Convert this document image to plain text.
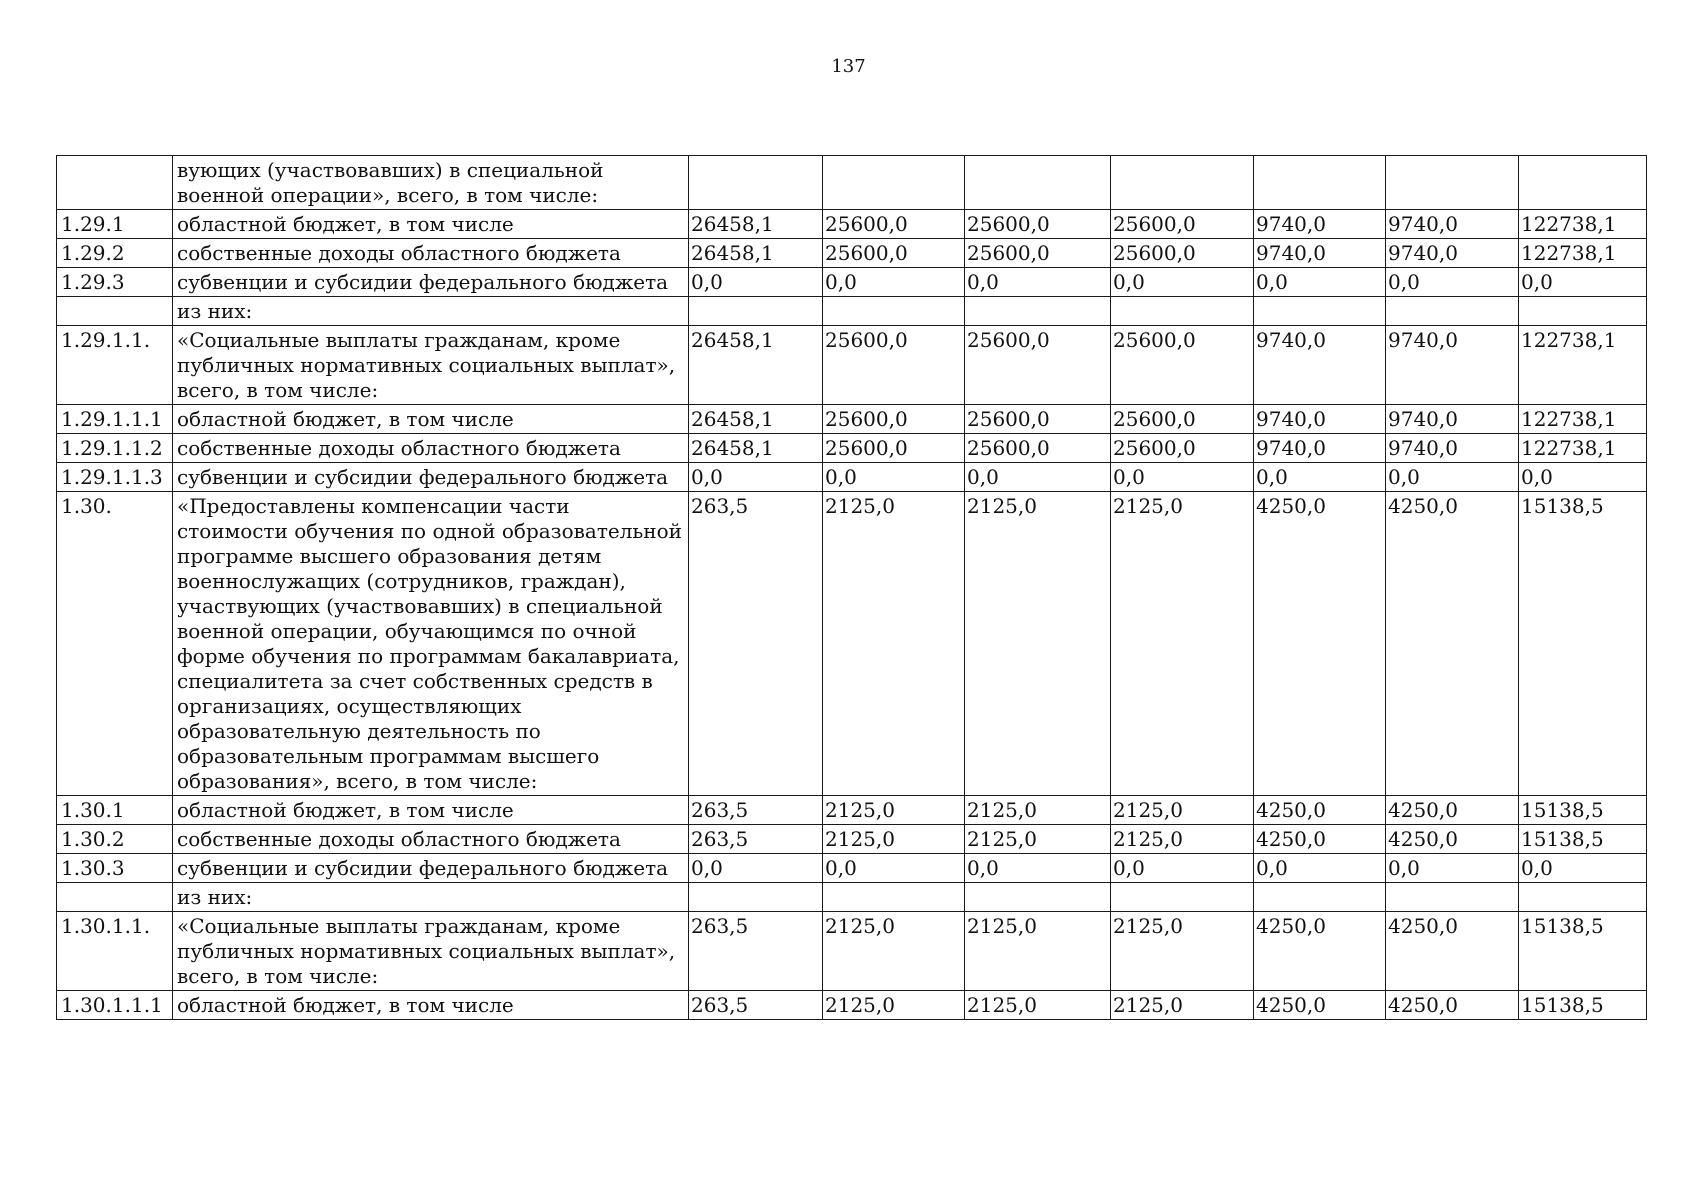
137
	вующих (участвовавших) в специальной военной операции», всего, в том числе:							
1.29.1	областной бюджет, в том числе	26458,1	25600,0	25600,0	25600,0	9740,0	9740,0	122738,1
1.29.2	собственные доходы областного бюджета	26458,1	25600,0	25600,0	25600,0	9740,0	9740,0	122738,1
1.29.3	субвенции и субсидии федерального бюджета	0,0	0,0	0,0	0,0	0,0	0,0	0,0
	из них:							
1.29.1.1.	«Социальные выплаты гражданам, кроме публичных нормативных социальных выплат», всего, в том числе:	26458,1	25600,0	25600,0	25600,0	9740,0	9740,0	122738,1
1.29.1.1.1	областной бюджет, в том числе	26458,1	25600,0	25600,0	25600,0	9740,0	9740,0	122738,1
1.29.1.1.2	собственные доходы областного бюджета	26458,1	25600,0	25600,0	25600,0	9740,0	9740,0	122738,1
1.29.1.1.3	субвенции и субсидии федерального бюджета	0,0	0,0	0,0	0,0	0,0	0,0	0,0
1.30.	«Предоставлены компенсации части стоимости обучения по одной образовательной программе высшего образования детям военнослужащих (сотрудников, граждан), участвующих (участвовавших) в специальной военной операции, обучающимся по очной форме обучения по программам бакалавриата, специалитета за счет собственных средств в организациях, осуществляющих образовательную деятельность по образовательным программам высшего образования», всего, в том числе:	263,5	2125,0	2125,0	2125,0	4250,0	4250,0	15138,5
1.30.1	областной бюджет, в том числе	263,5	2125,0	2125,0	2125,0	4250,0	4250,0	15138,5
1.30.2	собственные доходы областного бюджета	263,5	2125,0	2125,0	2125,0	4250,0	4250,0	15138,5
1.30.3	субвенции и субсидии федерального бюджета	0,0	0,0	0,0	0,0	0,0	0,0	0,0
	из них:							
1.30.1.1.	«Социальные выплаты гражданам, кроме публичных нормативных социальных выплат», всего, в том числе:	263,5	2125,0	2125,0	2125,0	4250,0	4250,0	15138,5
1.30.1.1.1	областной бюджет, в том числе	263,5	2125,0	2125,0	2125,0	4250,0	4250,0	15138,5
